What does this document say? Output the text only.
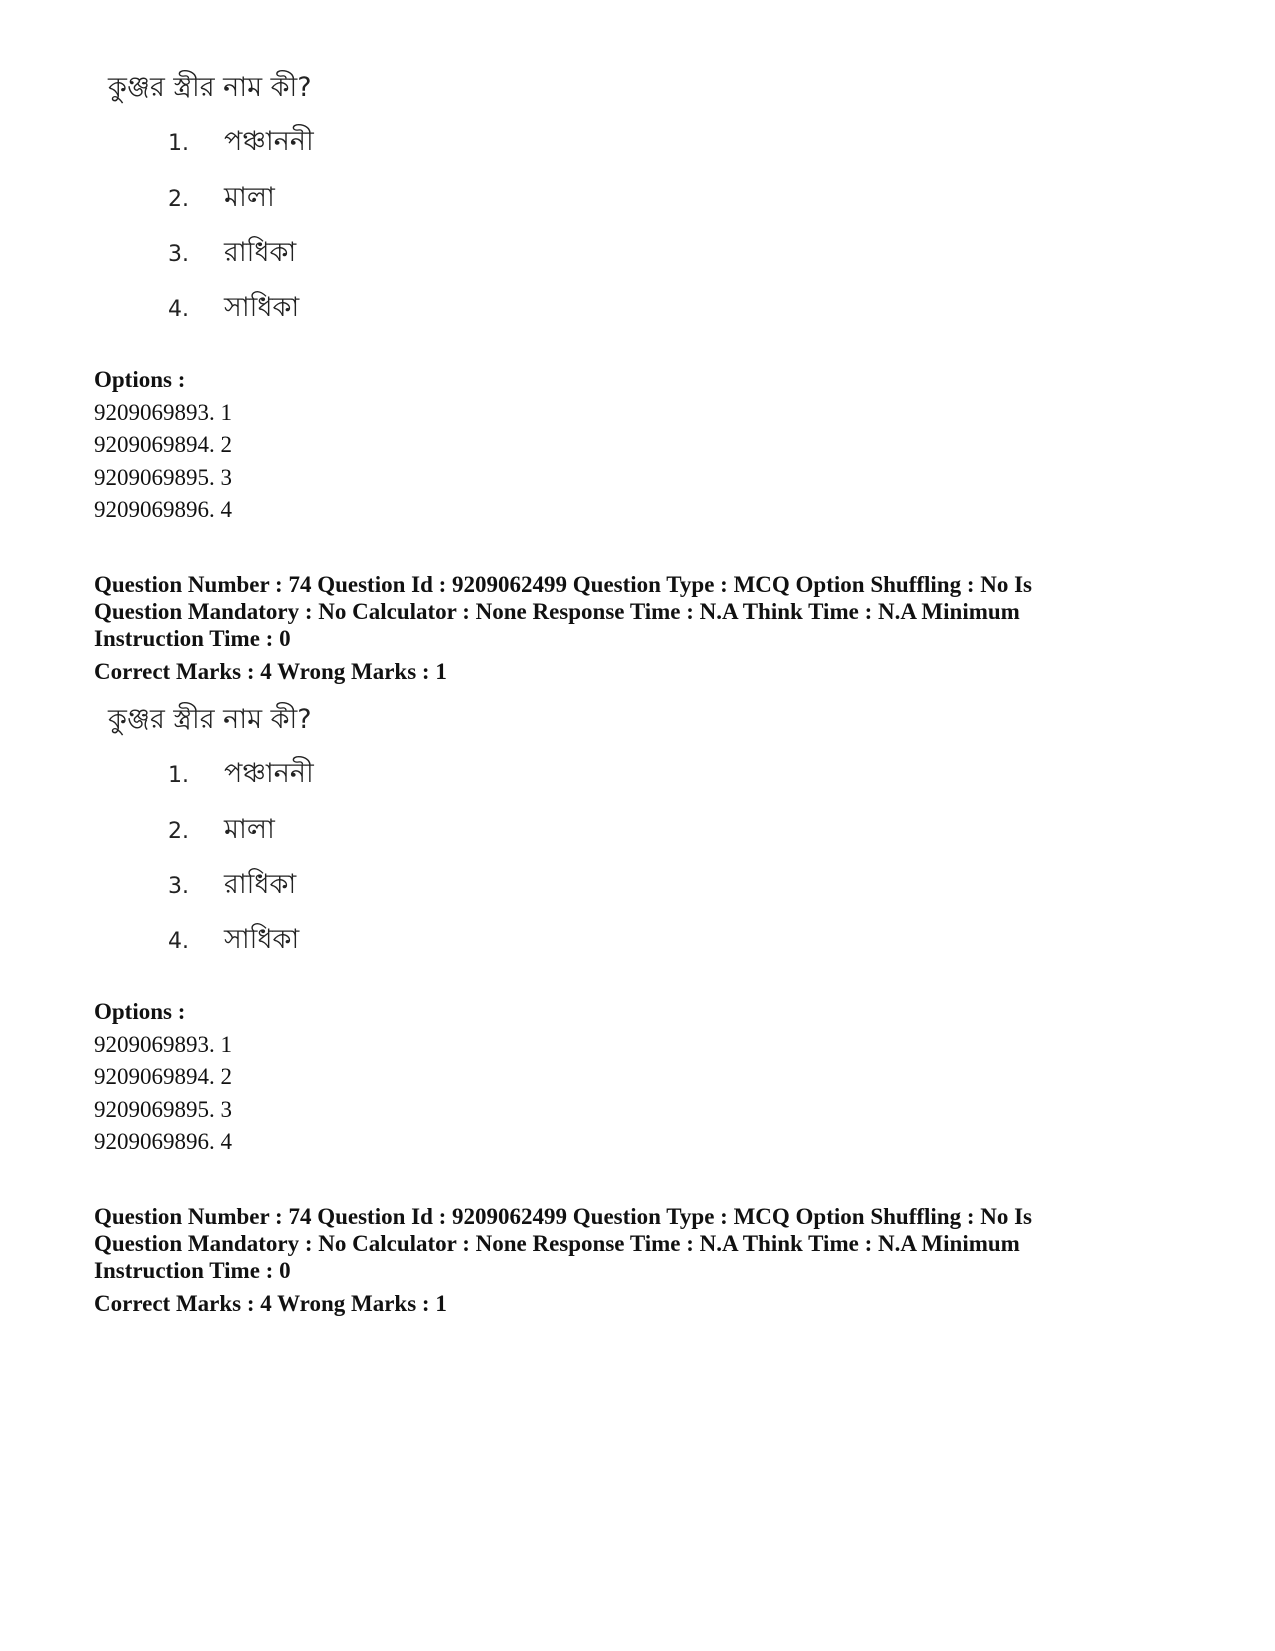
কুঞ্জর স্ত্রীর নাম কী?
1. পঞ্চাননী
2. মালা
3. রাধিকা
4. সাধিকা
Options :
9209069893. 1
9209069894. 2
9209069895. 3
9209069896. 4
Question Number : 74 Question Id : 9209062499 Question Type : MCQ Option Shuffling : No Is
Question Mandatory : No Calculator : None Response Time : N.A Think Time : N.A Minimum
Instruction Time : 0
Correct Marks : 4 Wrong Marks : 1
কুঞ্জর স্ত্রীর নাম কী?
1. পঞ্চাননী
2. মালা
3. রাধিকা
4. সাধিকা
Options :
9209069893. 1
9209069894. 2
9209069895. 3
9209069896. 4
Question Number : 74 Question Id : 9209062499 Question Type : MCQ Option Shuffling : No Is
Question Mandatory : No Calculator : None Response Time : N.A Think Time : N.A Minimum
Instruction Time : 0
Correct Marks : 4 Wrong Marks : 1
